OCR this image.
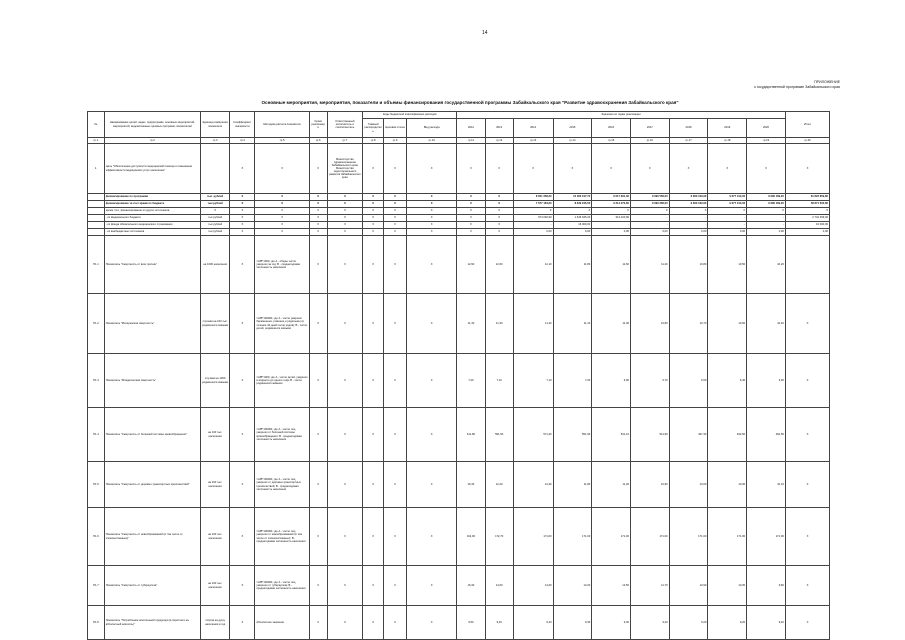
14
ПРИЛОЖЕНИЕ
к государственной программе Забайкальского края
Основные мероприятия, мероприятия, показатели и объемы финансирования государственной программы Забайкальского края "Развитие здравоохранения Забайкальского края"
№	Наименование целей, задач, подпрограмм, основных мероприятий, мероприятий, ведомственных целевых программ, показателей	Единица измерения показателя	Коэффициент значимости	Методика расчета показателя	Сроки реализации	Ответственный исполнитель и соисполнитель	Коды бюджетной классификации расходов			Значения по годам реализации									Итого
							Главный распорядитель	Целевая статья	Вид расхода	2012	2013	2014	2015	2016	2017	2018	2019	2020	
гр.1	гр.2	гр.3	гр.4	гр.5	гр.6	гр.7	гр.8	гр.9	гр.10	гр.11	гр.12	гр.13	гр.14	гр.15	гр.16	гр.17	гр.18	гр.19	гр.20
1.	Цель "Обеспечение доступности медицинской помощи и повышение эффективности медицинских услуг населению"		Х	Х	Х	Министерство здравоохранения Забайкальского края Министерство территориального развития Забайкальского края	Х	Х	Х	Х	Х	Х	Х	Х	Х	Х	Х	Х	Х
	финансирование по программе	тыс. рублей	Х	Х	Х	Х	Х	Х	Х	Х	Х	8 651 358,30	10 002 197,70	9 617 691,30	9 690 558,00	9 663 169,90	9 677 313,00	9 690 169,20	61 822 859,80
	финансирование за счет краевого бюджета	тыс.рублей	Х	Х	Х	Х	Х	Х	Х	Х	Х	7 677 184,60	8 339 246,50	9 314 270,60	9 690 258,00	9 663 169,90	9 677 313,00	9 690 169,20	58 871 600,80
	кроме того, финансирование из других источников:	Х	Х	Х	Х	Х	Х	Х	Х	Х	Х	Х	Х	Х	Х	Х	Х	Х	Х
	- из федерального бюджета	тыс.рублей	Х	Х	Х	Х	Х	Х	Х	Х	Х	974 092,90	1 646 945,20	313 420,90	-	-	-	-	2 734 459,00
	- из фонда обязательного медицинского страхования	тыс.рублей	Х	Х	Х	Х	Х	Х	Х	Х	Х	-	16 000,00	-	-	-	-	-	16 000,00
	- из внебюджетных источников	тыс.рублей	Х	Х	Х	Х	Х	Х	Х	Х	Х	0,00	0,00	0,00	0,00	0,00	0,00	0,00	0,00
П1.1	Показатель "Смертность от всех причин"	на 1000 населения	Х	=А/В*1000, где А - общее число умерших за год; В - среднегодовая численность населения	Х	Х	Х	Х	Х	12,90	12,60	12,10	11,80	11,60	11,20	10,80	10,50	10,20	
П1.2	Показатель "Материнская смертность"	случаев на 100 тыс. родившихся живыми	Х	=А/В*100000, где А - число умерших беременных, рожениц и родильниц (в течение 42 дней после родов); В - число детей, родившихся живыми	Х	Х	Х	Х	Х	11,40	11,30	11,20	11,10	11,00	10,80	10,70	10,60	10,40	Х
П1.3	Показатель "Младенческая смертность"	случаев на 1000 родившихся живыми	Х	=А/В*1000, где А - число детей, умерших в возрасте до одного года; В - число родившихся живыми	Х	Х	Х	Х	Х	7,20	7,10	7,10	7,00	6,90	6,70	6,50	6,40	6,30	Х
П1.4	Показатель "Смертность от болезней системы кровообращения"	на 100 тыс. населения	Х	=А/В*100000, где А - число лиц, умерших от болезней системы кровообращения; В - среднегодовая численность населения	Х	Х	Х	Х	Х	611,80	591,50	571,30	551,90	531,10	514,90	497,30	492,50	492,56	Х
П1.5	Показатель "Смертность от дорожно-транспортных происшествий"	на 100 тыс. населения	Х	=А/В*100000, где А - число лиц, умерших от дорожно-транспортных происшествий; В - среднегодовая численность населения	Х	Х	Х	Х	Х	16,30	12,20	12,20	11,80	11,20	10,90	10,60	10,30	10,10	Х
П1.6	Показатель "Смертность от новообразований (в том числе от злокачественных)"	на 100 тыс. населения	Х	=А/В*100000, где А - число лиц, умерших от новообразований (в том числе от злокачественных); В - среднегодовая численность населения	Х	Х	Х	Х	Х	162,00	172,70	171,00	171,00	171,00	171,00	171,00	171,00	171,00	Х
П1.7	Показатель "Смертность от туберкулеза"	на 100 тыс. населения	Х	=А/В*100000, где А - число лиц, умерших от туберкулеза; В - среднегодовая численность населения	Х	Х	Х	Х	Х	16,30	14,60	14,00	13,20	12,50	11,70	10,90	10,30	9,60	Х
П1.8	Показатель "Потребление алкогольной продукции (в пересчете на абсолютный алкоголь)"	литров на душу населения в год	Х	Абсолютное значение	Х	Х	Х	Х	Х	9,50	9,40	9,40	9,30	9,30	9,20	9,20	9,20	9,10	Х
